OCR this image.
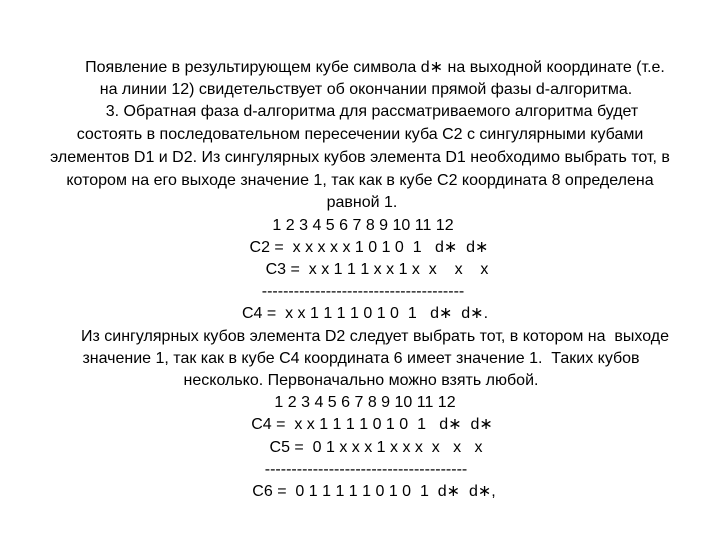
Появление в результирующем кубе символа d∗ на выходной координате (т.е.
на линии 12) свидетельствует об окончании прямой фазы d-алгоритма.
3. Обратная фаза d-алгоритма для рассматриваемого алгоритма будет
состоять в последовательном пересечении куба С2 с сингулярными кубами
элементов D1 и D2. Из сингулярных кубов элемента D1 необходимо выбрать тот, в
котором на его выходе значение 1, так как в кубе С2 координата 8 определена
равной 1.
1 2 3 4 5 6 7 8 9 10 11 12
С2 =  x x x x x 1 0 1 0  1   d∗  d∗
С3 =  x x 1 1 1 x x 1 x  x    x    x
--------------------------------------
С4 =  x x 1 1 1 1 0 1 0  1   d∗  d∗.
Из сингулярных кубов элемента D2 следует выбрать тот, в котором на  выходе
значение 1, так как в кубе С4 координата 6 имеет значение 1.  Таких кубов
несколько. Первоначально можно взять любой.
1 2 3 4 5 6 7 8 9 10 11 12
С4 =  x x 1 1 1 1 0 1 0  1   d∗  d∗
С5 =  0 1 x x x 1 x x x  x   x   x
--------------------------------------
С6 =  0 1 1 1 1 1 0 1 0  1  d∗  d∗,
